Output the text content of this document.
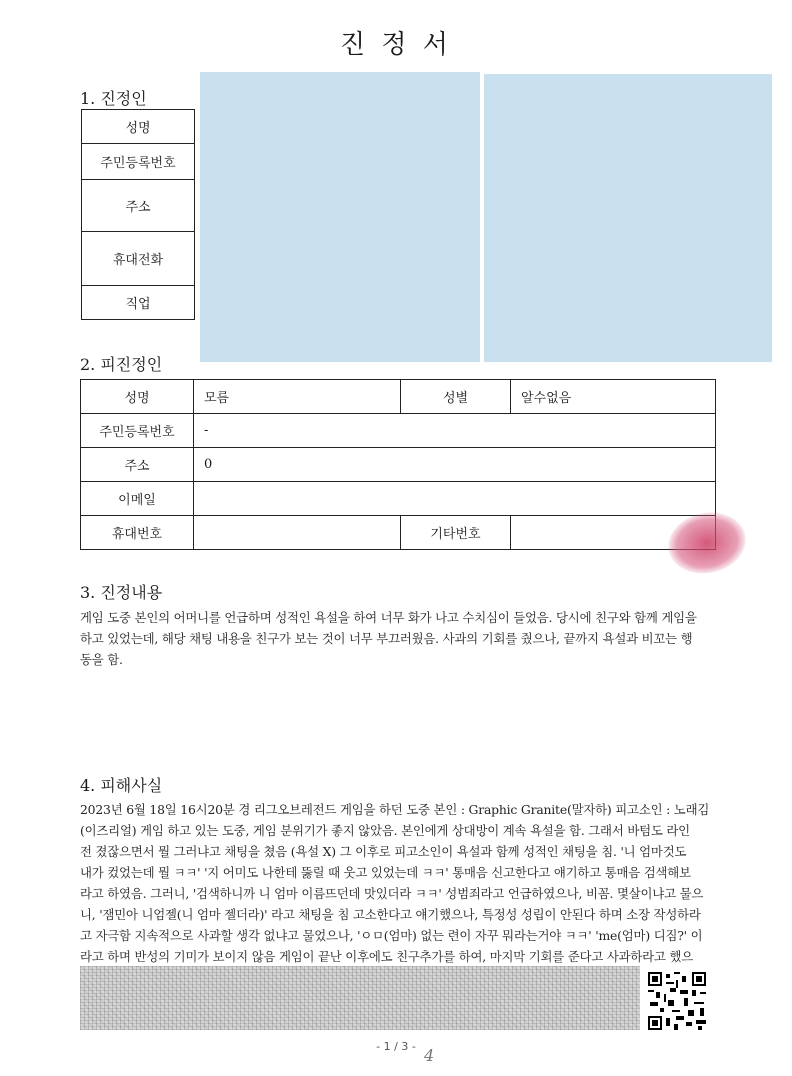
진 정 서
1. 진정인
성명
주민등록번호
주소
휴대전화
직업
2. 피진정인
성명	모름	성별	알수없음
주민등록번호	-		
주소	0		
이메일			
휴대번호		기타번호	
3. 진정내용

게임 도중 본인의 어머니를 언급하며 성적인 욕설을 하여 너무 화가 나고 수치심이 들었음. 당시에 친구와 함께 게임을
하고 있었는데, 해당 채팅 내용을 친구가 보는 것이 너무 부끄러웠음. 사과의 기회를 줬으나, 끝까지 욕설과 비꼬는 행
동을 함.

4. 피해사실

2023년 6월 18일 16시20분 경 리그오브레전드 게임을 하던 도중 본인 : Graphic Granite(말자하) 피고소인 : 노래김
(이즈리얼) 게임 하고 있는 도중, 게임 분위기가 좋지 않았음. 본인에게 상대방이 계속 욕설을 함. 그래서 바텀도 라인
전 졌잖으면서 뭘 그러냐고 채팅을 쳤음 (욕설 X) 그 이후로 피고소인이 욕설과 함께 성적인 채팅을 침. '니 엄마것도
내가 컸었는데 뭘 ㅋㅋ' '지 어미도 나한테 뚫릴 때 웃고 있었는데 ㅋㅋ' 통매음 신고한다고 얘기하고 통매음 검색해보
라고 하였음. 그러니, '검색하니까 니 엄마 이름뜨던데 맛있더라 ㅋㅋ' 성범죄라고 언급하였으나, 비꼼. 몇살이냐고 물으
니, '잼민아 니엄젤(니 엄마 젤더라)' 라고 채팅을 침 고소한다고 얘기했으나, 특정성 성립이 안된다 하며 소장 작성하라
고 자극함 지속적으로 사과할 생각 없냐고 물었으나, 'ㅇㅁ(엄마) 없는 련이 자꾸 뭐라는거야 ㅋㅋ' 'me(엄마) 디짐?' 이
라고 하며 반성의 기미가 보이지 않음 게임이 끝난 이후에도 친구추가를 하여, 마지막 기회를 준다고 사과하라고 했으

- 1 / 3 - 4
